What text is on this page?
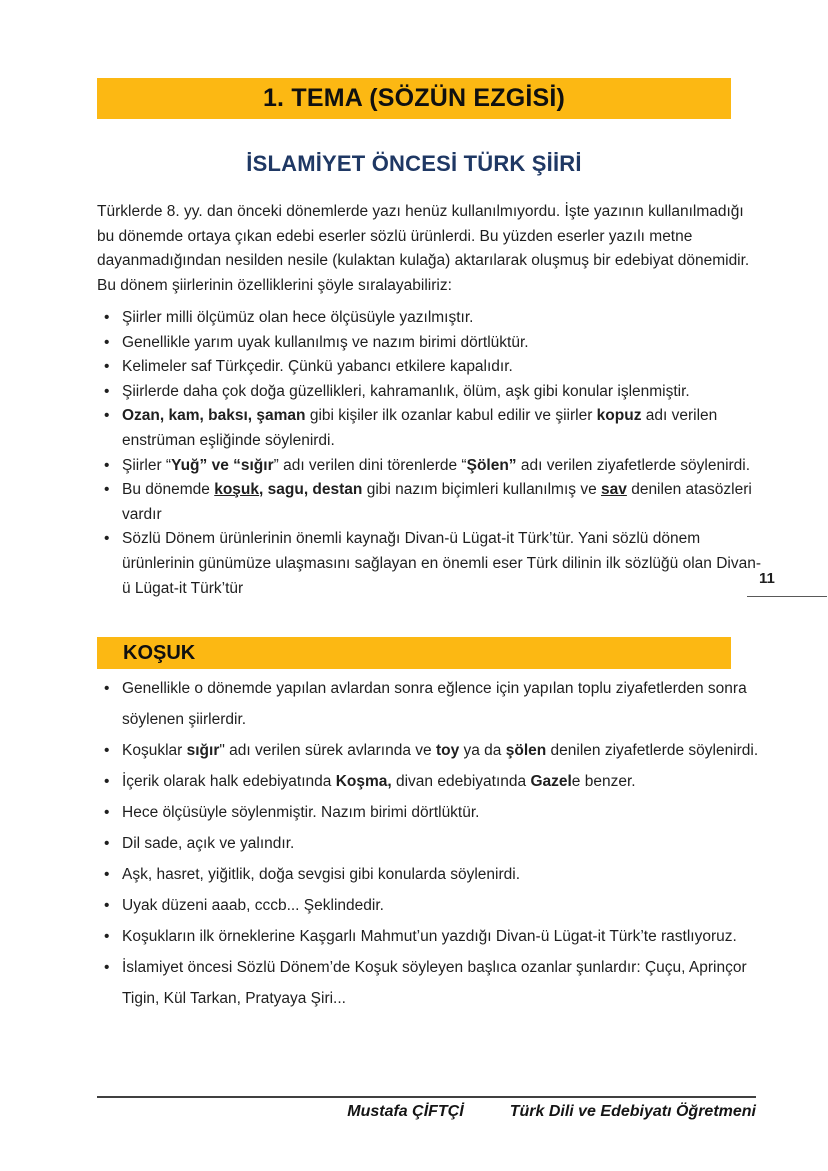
1. TEMA (SÖZÜN EZGİSİ)
İSLAMİYET ÖNCESİ TÜRK ŞİİRİ
Türklerde 8. yy. dan önceki dönemlerde yazı henüz kullanılmıyordu. İşte yazının kullanılmadığı bu dönemde ortaya çıkan edebi eserler sözlü ürünlerdi. Bu yüzden eserler yazılı metne dayanmadığından nesilden nesile (kulaktan kulağa) aktarılarak oluşmuş bir edebiyat dönemidir. Bu dönem şiirlerinin özelliklerini şöyle sıralayabiliriz:
• Şiirler milli ölçümüz olan hece ölçüsüyle yazılmıştır.
• Genellikle yarım uyak kullanılmış ve nazım birimi dörtlüktür.
• Kelimeler saf Türkçedir. Çünkü yabancı etkilere kapalıdır.
• Şiirlerde daha çok doğa güzellikleri, kahramanlık, ölüm, aşk gibi konular işlenmiştir.
• Ozan, kam, baksı, şaman gibi kişiler ilk ozanlar kabul edilir ve şiirler kopuz adı verilen enstrüman eşliğinde söylenirdi.
• Şiirler “Yuğ” ve “sığır” adı verilen dini törenlerde “Şölen” adı verilen ziyafetlerde söylenirdi.
• Bu dönemde koşuk, sagu, destan gibi nazım biçimleri kullanılmış ve sav denilen atasözleri vardır
• Sözlü Dönem ürünlerinin önemli kaynağı Divan-ü Lügat-it Türk’tür. Yani sözlü dönem ürünlerinin günümüze ulaşmasını sağlayan en önemli eser Türk dilinin ilk sözlüğü olan Divan-ü Lügat-it Türk’tür
11
KOŞUK
• Genellikle o dönemde yapılan avlardan sonra eğlence için yapılan toplu ziyafetlerden sonra söylenen şiirlerdir.
• Koşuklar sığır" adı verilen sürek avlarında ve toy ya da şölen denilen ziyafetlerde söylenirdi.
• İçerik olarak halk edebiyatında Koşma, divan edebiyatında Gazele benzer.
• Hece ölçüsüyle söylenmiştir. Nazım birimi dörtlüktür.
• Dil sade, açık ve yalındır.
• Aşk, hasret, yiğitlik, doğa sevgisi gibi konularda söylenirdi.
• Uyak düzeni aaab, cccb... Şeklindedir.
• Koşukların ilk örneklerine Kaşgarlı Mahmut’un yazdığı Divan-ü Lügat-it Türk’te rastlıyoruz.
• İslamiyet öncesi Sözlü Dönem’de Koşuk söyleyen başlıca ozanlar şunlardır: Çuçu, Aprinçor Tigin, Kül Tarkan, Pratyaya Şiri...
Mustafa ÇİFTÇİ	Türk Dili ve Edebiyatı Öğretmeni
